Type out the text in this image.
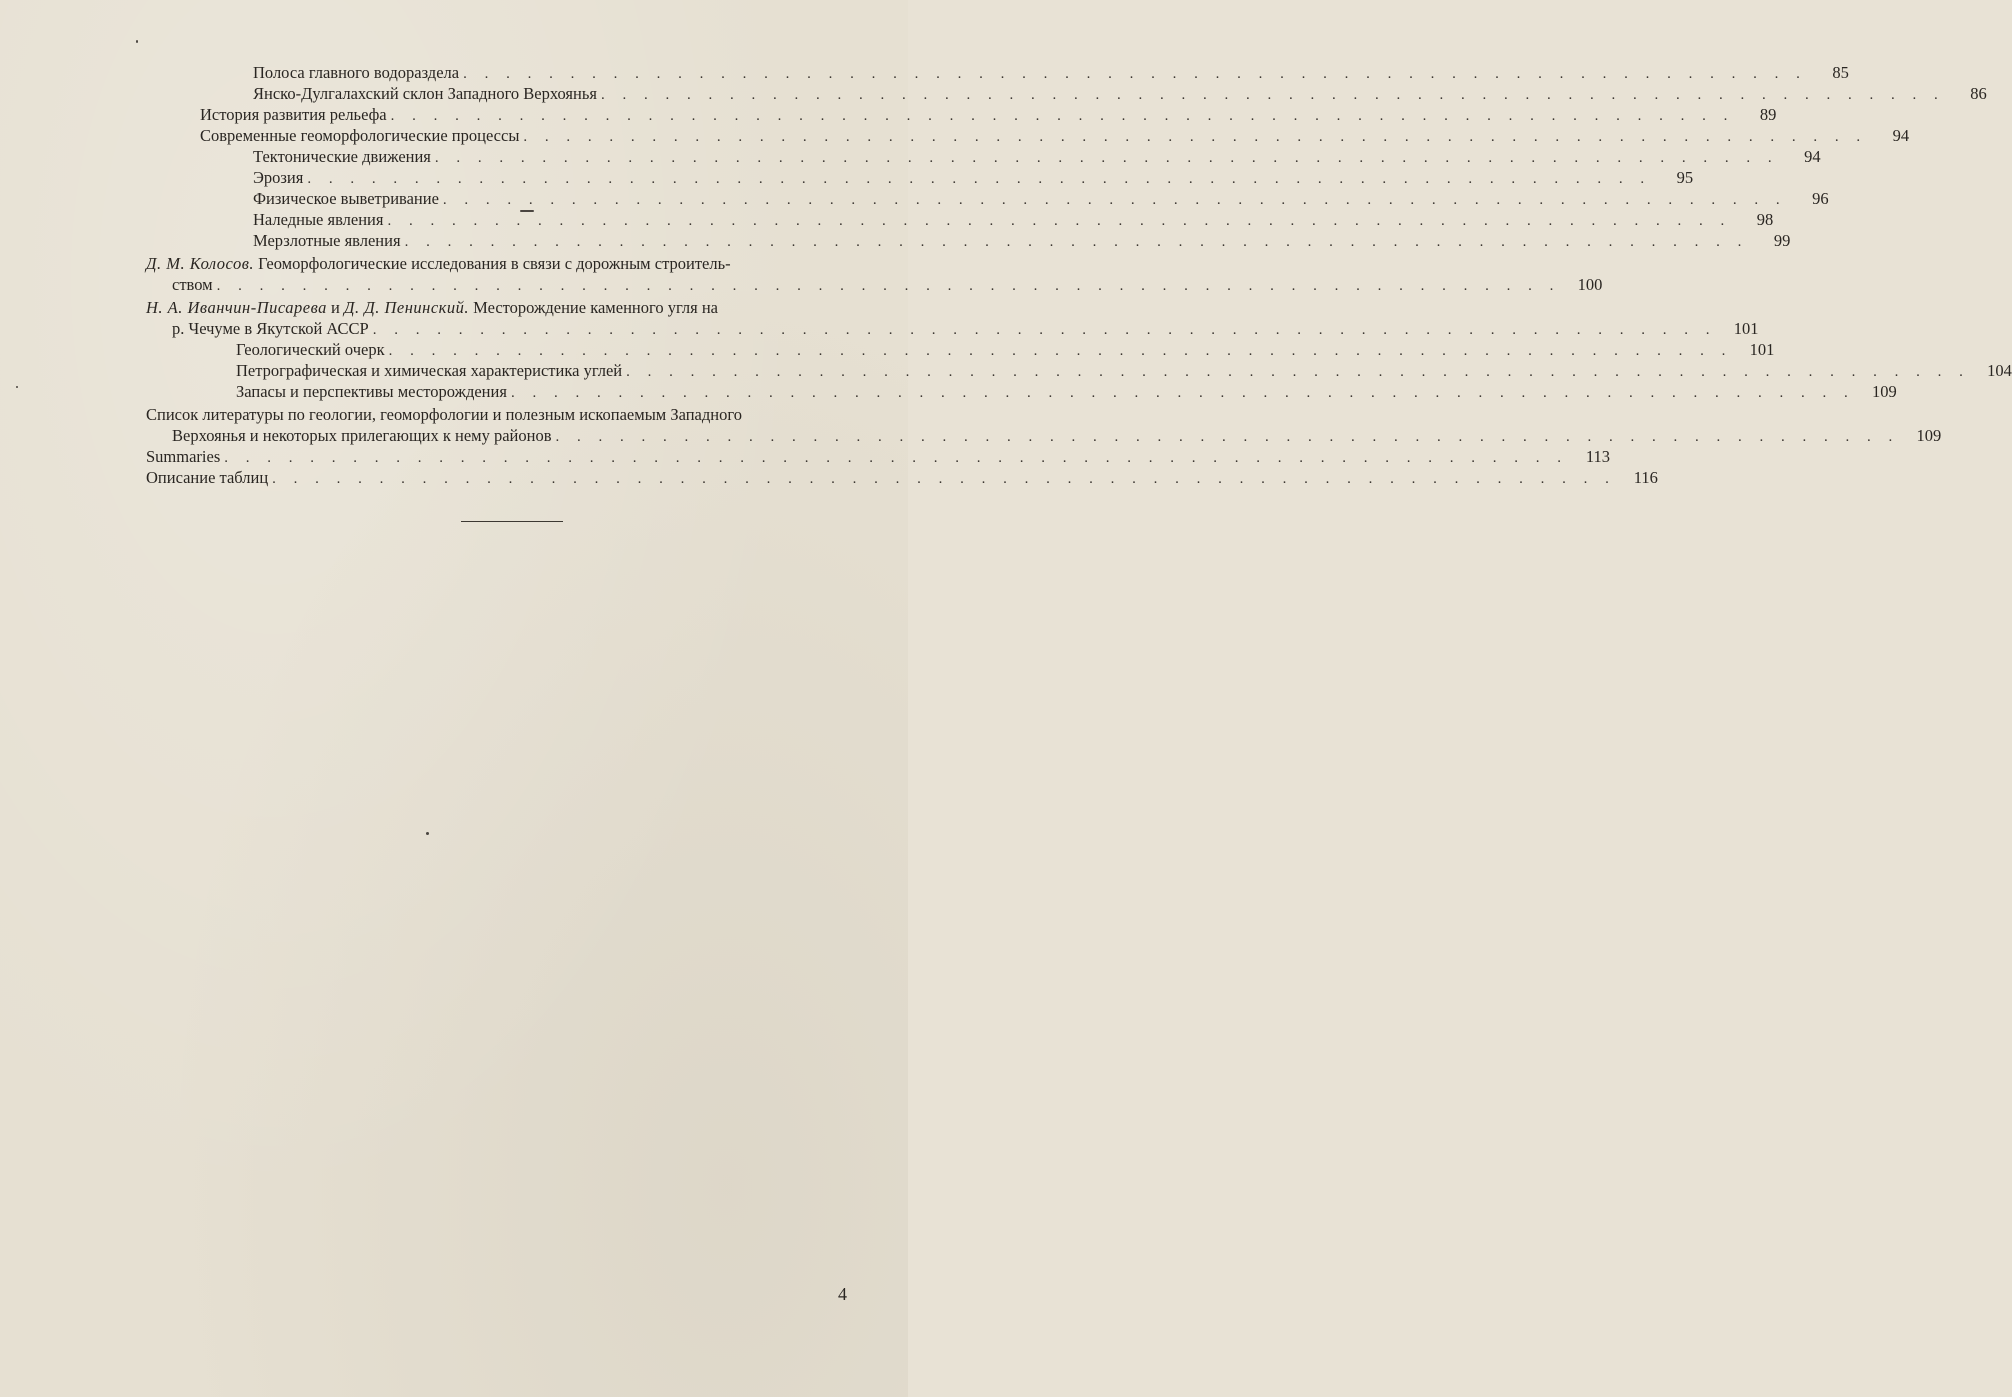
Полоса главного водораздела . . . . . . . . . . . . . . . . . . . . . . . . . . . . . . . . . . . . . . . . . . . . . . . . . . . . . . . . . . . . . . .	85
Янско-Дулгалахский склон Западного Верхоянья . . . . . . . . . . . . . . . . . . . . . . . . . . . . . . . . . . . . . . . . . . . . . . . . . . . . . . . . . . . . . . .	86
История развития рельефа . . . . . . . . . . . . . . . . . . . . . . . . . . . . . . . . . . . . . . . . . . . . . . . . . . . . . . . . . . . . . . .	89
Современные геоморфологические процессы . . . . . . . . . . . . . . . . . . . . . . . . . . . . . . . . . . . . . . . . . . . . . . . . . . . . . . . . . . . . . . .	94
Тектонические движения . . . . . . . . . . . . . . . . . . . . . . . . . . . . . . . . . . . . . . . . . . . . . . . . . . . . . . . . . . . . . . .	94
Эрозия . . . . . . . . . . . . . . . . . . . . . . . . . . . . . . . . . . . . . . . . . . . . . . . . . . . . . . . . . . . . . . .	95
Физическое выветривание . . . . . . . . . . . . . . . . . . . . . . . . . . . . . . . . . . . . . . . . . . . . . . . . . . . . . . . . . . . . . . .	96
Наледные явления . . . . . . . . . . . . . . . . . . . . . . . . . . . . . . . . . . . . . . . . . . . . . . . . . . . . . . . . . . . . . . .	98
Мерзлотные явления . . . . . . . . . . . . . . . . . . . . . . . . . . . . . . . . . . . . . . . . . . . . . . . . . . . . . . . . . . . . . . .	99
Д. М. Колосов. Геоморфологические исследования в связи с дорожным строитель-
ством . . . . . . . . . . . . . . . . . . . . . . . . . . . . . . . . . . . . . . . . . . . . . . . . . . . . . . . . . . . . . . .	100
Н. А. Иванчин-Писарева и Д. Д. Пенинский. Месторождение каменного угля на
р. Чечуме в Якутской АССР . . . . . . . . . . . . . . . . . . . . . . . . . . . . . . . . . . . . . . . . . . . . . . . . . . . . . . . . . . . . . . .	101
Геологический очерк . . . . . . . . . . . . . . . . . . . . . . . . . . . . . . . . . . . . . . . . . . . . . . . . . . . . . . . . . . . . . . .	101
Петрографическая и химическая характеристика углей . . . . . . . . . . . . . . . . . . . . . . . . . . . . . . . . . . . . . . . . . . . . . . . . . . . . . . . . . . . . . . .	104
Запасы и перспективы месторождения . . . . . . . . . . . . . . . . . . . . . . . . . . . . . . . . . . . . . . . . . . . . . . . . . . . . . . . . . . . . . . .	109
Список литературы по геологии, геоморфологии и полезным ископаемым Западного
Верхоянья и некоторых прилегающих к нему районов . . . . . . . . . . . . . . . . . . . . . . . . . . . . . . . . . . . . . . . . . . . . . . . . . . . . . . . . . . . . . . .	109
Summaries . . . . . . . . . . . . . . . . . . . . . . . . . . . . . . . . . . . . . . . . . . . . . . . . . . . . . . . . . . . . . . .	113
Описание таблиц . . . . . . . . . . . . . . . . . . . . . . . . . . . . . . . . . . . . . . . . . . . . . . . . . . . . . . . . . . . . . . .	116
4
